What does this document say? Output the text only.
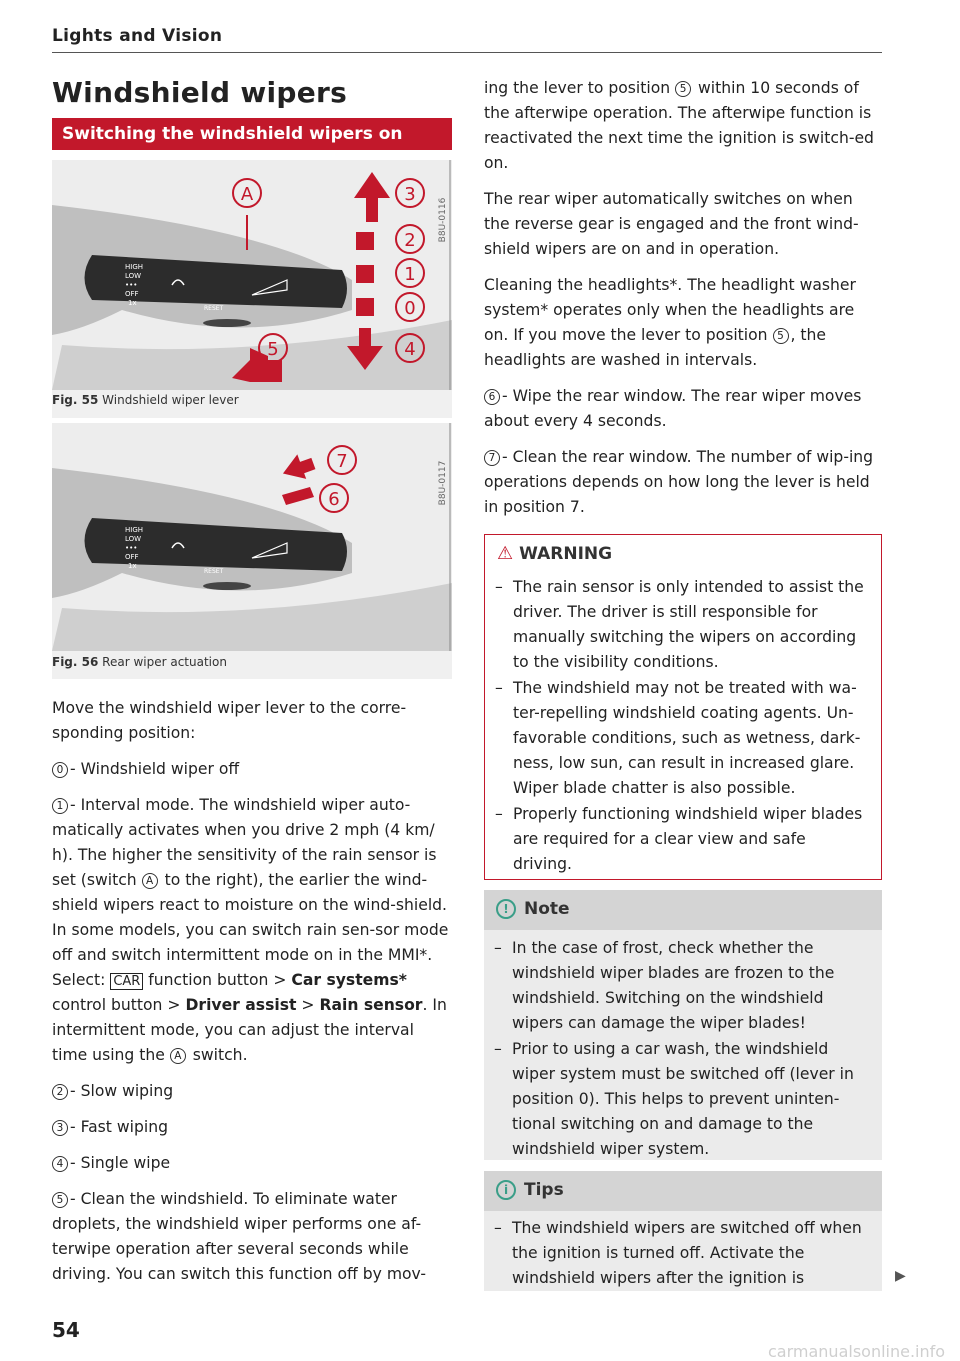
Lights and Vision
Windshield wipers
Switching the windshield wipers on
HIGH
LOW
•••
OFF
1x
RESET
A	3
2
1
0
4
5
B8U-0116
Fig. 55 Windshield wiper lever
HIGH
LOW
•••
OFF
1x
RESET
7
6	B8U-0117
Fig. 56 Rear wiper actuation

Move the windshield wiper lever to the corre-sponding position:

0 - Windshield wiper off

1 - Interval mode. The windshield wiper auto-matically activates when you drive 2 mph (4 km/ h). The higher the sensitivity of the rain sensor is set (switch A to the right), the earlier the wind-shield wipers react to moisture on the wind-shield. In some models, you can switch rain sen-sor mode off and switch intermittent mode on in the MMI*. Select: CAR function button > Car systems* control button > Driver assist > Rain sensor. In intermittent mode, you can adjust the interval time using the A switch.

2 - Slow wiping

3 - Fast wiping

4 - Single wipe

5 - Clean the windshield. To eliminate water droplets, the windshield wiper performs one af-terwipe operation after several seconds while driving. You can switch this function off by mov-

ing the lever to position 5 within 10 seconds of the afterwipe operation. The afterwipe function is reactivated the next time the ignition is switch-ed on.

The rear wiper automatically switches on when the reverse gear is engaged and the front wind-shield wipers are on and in operation.

Cleaning the headlights*. The headlight washer system* operates only when the headlights are on. If you move the lever to position 5 , the headlights are washed in intervals.

6 - Wipe the rear window. The rear wiper moves about every 4 seconds.

7 - Clean the rear window. The number of wip-ing operations depends on how long the lever is held in position 7.

⚠ WARNING
– The rain sensor is only intended to assist the driver. The driver is still responsible for manually switching the wipers on according to the visibility conditions.
– The windshield may not be treated with wa-ter-repelling windshield coating agents. Un-favorable conditions, such as wetness, dark-ness, low sun, can result in increased glare. Wiper blade chatter is also possible.
– Properly functioning windshield wiper blades are required for a clear view and safe driving.
! Note
– In the case of frost, check whether the windshield wiper blades are frozen to the windshield. Switching on the windshield wipers can damage the wiper blades!
– Prior to using a car wash, the windshield wiper system must be switched off (lever in position 0). This helps to prevent uninten-tional switching on and damage to the windshield wiper system.
i Tips
– The windshield wipers are switched off when the ignition is turned off. Activate the windshield wipers after the ignition is	▶
54
carmanualsonline.info
